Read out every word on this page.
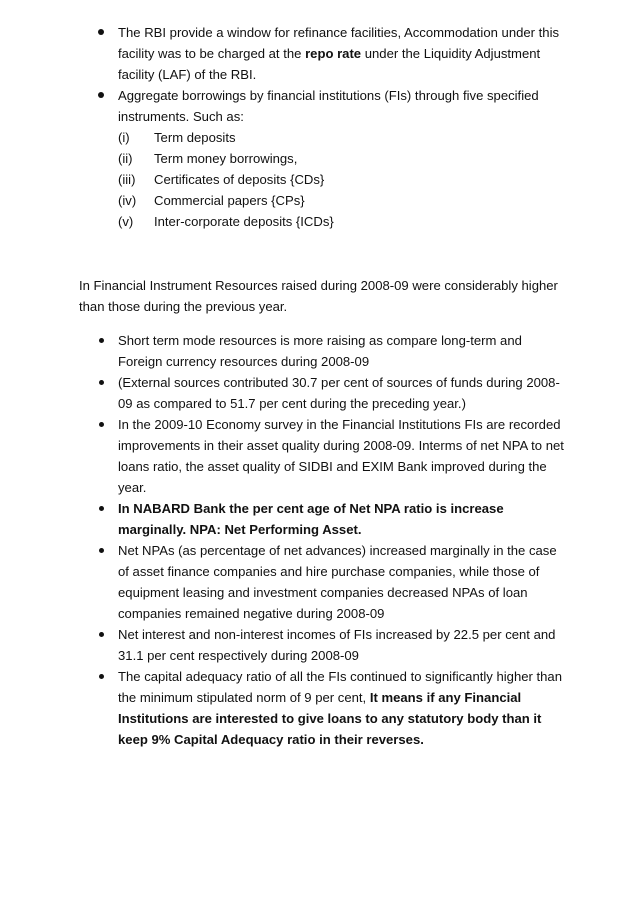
The RBI provide a window for refinance facilities, Accommodation under this facility was to be charged at the repo rate under the Liquidity Adjustment facility (LAF) of the RBI.
Aggregate borrowings by financial institutions (FIs) through five specified instruments. Such as:
(i) Term deposits
(ii) Term money borrowings,
(iii) Certificates of deposits {CDs}
(iv) Commercial papers {CPs}
(v) Inter-corporate deposits {ICDs}

In Financial Instrument Resources raised during 2008-09 were considerably higher than those during the previous year.

Short term mode resources is more raising as compare long-term and Foreign currency resources during 2008-09
(External sources contributed 30.7 per cent of sources of funds during 2008-09 as compared to 51.7 per cent during the preceding year.)
In the 2009-10 Economy survey in the Financial Institutions FIs are recorded improvements in their asset quality during 2008-09. Interms of net NPA to net loans ratio, the asset quality of SIDBI and EXIM Bank improved during the year.
In NABARD Bank the per cent age of Net NPA ratio is increase marginally. NPA: Net Performing Asset.
Net NPAs (as percentage of net advances) increased marginally in the case of asset finance companies and hire purchase companies, while those of equipment leasing and investment companies decreased NPAs of loan companies remained negative during 2008-09
Net interest and non-interest incomes of FIs increased by 22.5 per cent and 31.1 per cent respectively during 2008-09
The capital adequacy ratio of all the FIs continued to significantly higher than the minimum stipulated norm of 9 per cent, It means if any Financial Institutions are interested to give loans to any statutory body than it keep 9% Capital Adequacy ratio in their reverses.
